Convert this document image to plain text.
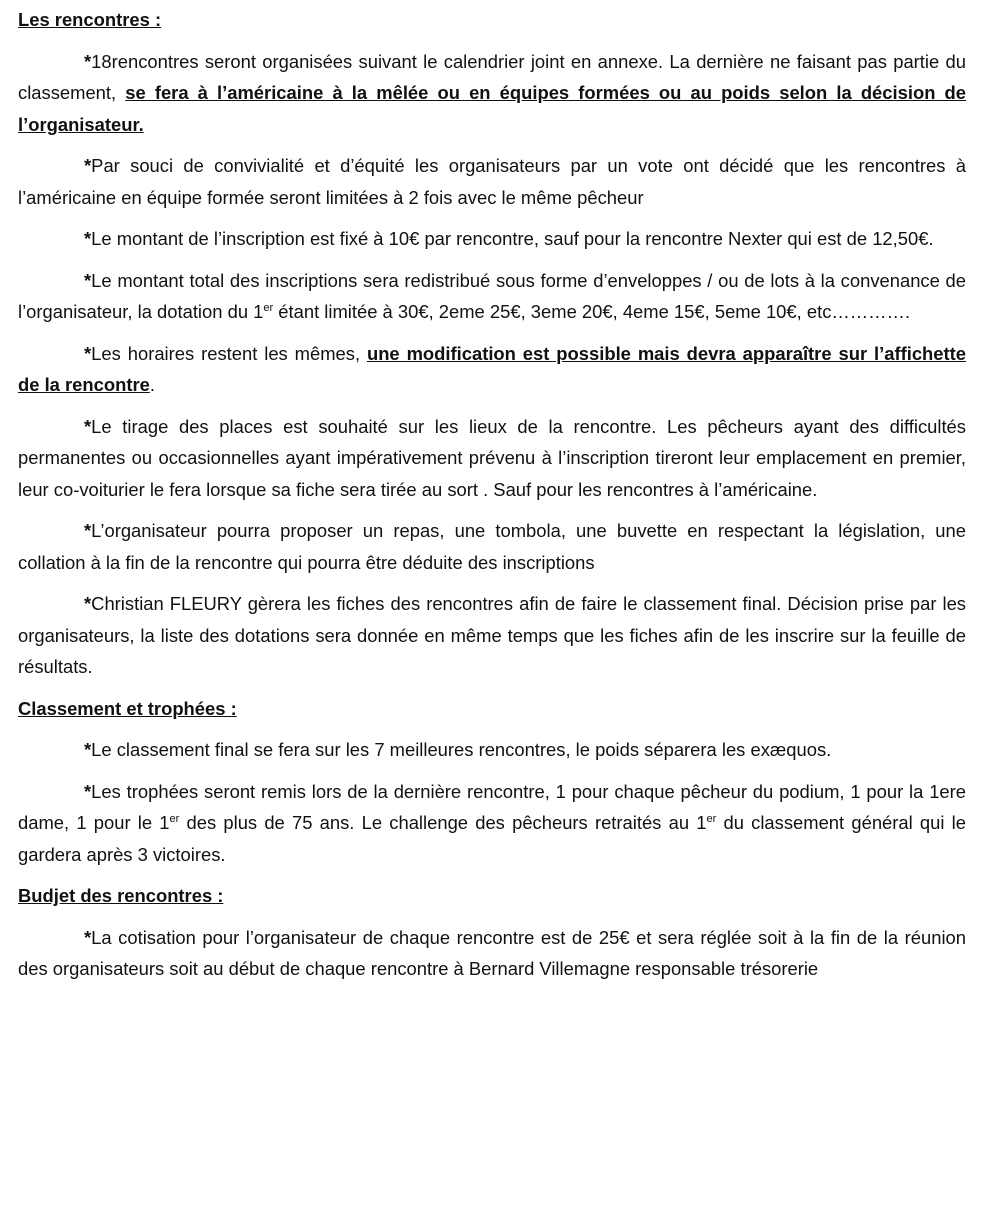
Les rencontres :

*18rencontres seront organisées suivant le calendrier joint en annexe. La dernière ne faisant pas partie du classement, se fera à l’américaine à la mêlée ou en équipes formées ou au poids selon la décision de l’organisateur.

*Par souci de convivialité et d’équité les organisateurs par un vote ont décidé que les rencontres à l’américaine en équipe formée seront limitées à 2 fois avec le même pêcheur

*Le montant de l’inscription est fixé à 10€ par rencontre, sauf pour la rencontre Nexter qui est de 12,50€.

*Le montant total des inscriptions sera redistribué sous forme d’enveloppes / ou de lots à la convenance de l’organisateur, la dotation du 1er étant limitée à 30€, 2eme 25€, 3eme 20€, 4eme 15€, 5eme 10€, etc………….

*Les horaires restent les mêmes, une modification est possible mais devra apparaître sur l’affichette de la rencontre.

*Le tirage des places est souhaité sur les lieux de la rencontre. Les pêcheurs ayant des difficultés permanentes ou occasionnelles ayant impérativement prévenu à l’inscription tireront leur emplacement en premier, leur co-voiturier le fera lorsque sa fiche sera tirée au sort . Sauf pour les rencontres à l’américaine.

*L’organisateur pourra proposer un repas, une tombola, une buvette en respectant la législation, une collation à la fin de la rencontre qui pourra être déduite des inscriptions

*Christian FLEURY gèrera les fiches des rencontres afin de faire le classement final. Décision prise par les organisateurs, la liste des dotations sera donnée en même temps que les fiches afin de les inscrire sur la feuille de résultats.

Classement et trophées :

*Le classement final se fera sur les 7 meilleures rencontres, le poids séparera les exæquos.

*Les trophées seront remis lors de la dernière rencontre, 1 pour chaque pêcheur du podium, 1 pour la 1ere dame, 1 pour le 1er des plus de 75 ans. Le challenge des pêcheurs retraités au 1er du classement général qui le gardera après 3 victoires.

Budjet des rencontres :

*La cotisation pour l’organisateur de chaque rencontre est de 25€ et sera réglée soit à la fin de la réunion des organisateurs soit au début de chaque rencontre à Bernard Villemagne responsable trésorerie
